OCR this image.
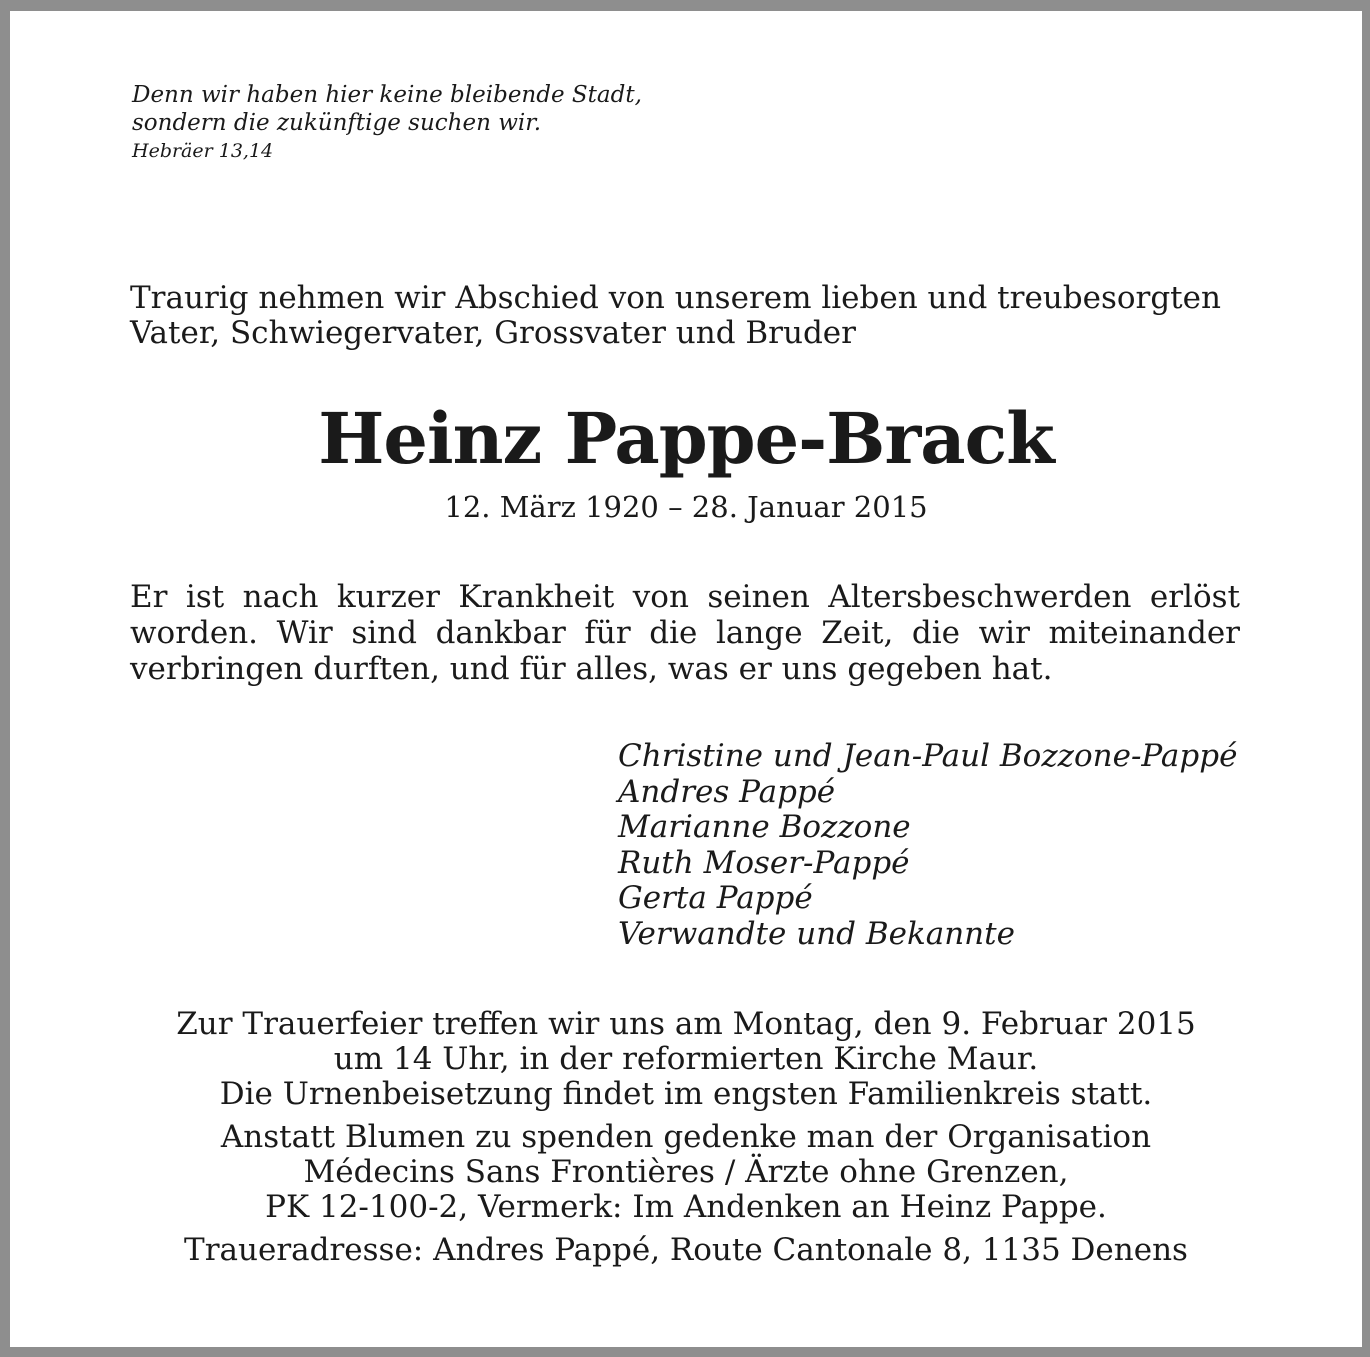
Denn wir haben hier keine bleibende Stadt,
sondern die zukünftige suchen wir.
Hebräer 13,14
Traurig nehmen wir Abschied von unserem lieben und treubesorgten
Vater, Schwiegervater, Grossvater und Bruder
Heinz Pappe-Brack
12. März 1920 – 28. Januar 2015
Er ist nach kurzer Krankheit von seinen Altersbeschwerden erlöst worden. Wir sind dankbar für die lange Zeit, die wir miteinander verbringen durften, und für alles, was er uns gegeben hat.
Christine und Jean-Paul Bozzone-Pappé
Andres Pappé
Marianne Bozzone
Ruth Moser-Pappé
Gerta Pappé
Verwandte und Bekannte
Zur Trauerfeier treffen wir uns am Montag, den 9. Februar 2015
um 14 Uhr, in der reformierten Kirche Maur.
Die Urnenbeisetzung findet im engsten Familienkreis statt.
Anstatt Blumen zu spenden gedenke man der Organisation
Médecins Sans Frontières / Ärzte ohne Grenzen,
PK 12-100-2, Vermerk: Im Andenken an Heinz Pappe.
Traueradresse: Andres Pappé, Route Cantonale 8, 1135 Denens
